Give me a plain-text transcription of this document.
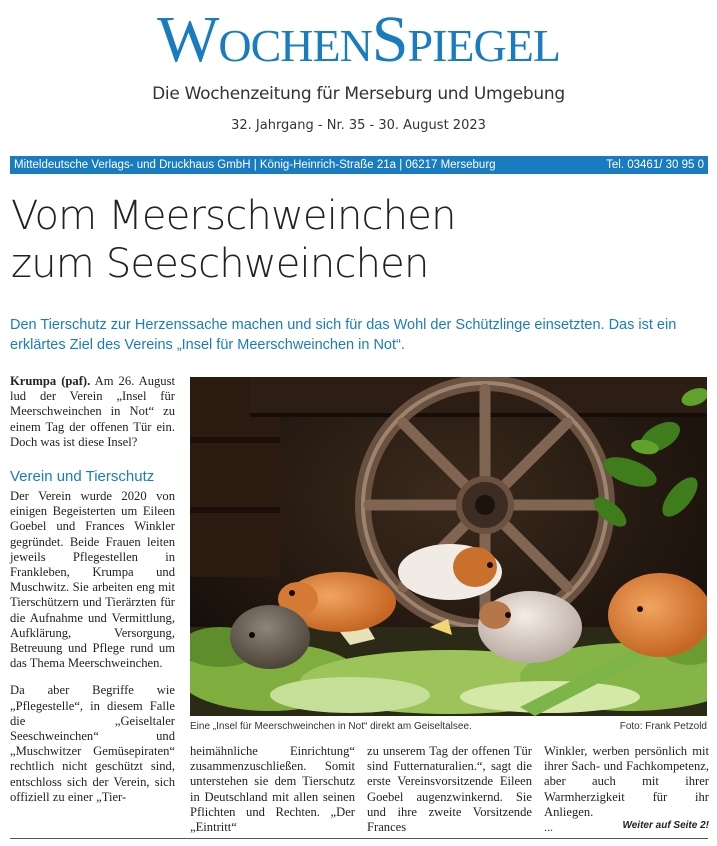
WochenSpiegel
Die Wochenzeitung für Merseburg und Umgebung
32. Jahrgang - Nr. 35 - 30. August 2023
Mitteldeutsche Verlags- und Druckhaus GmbH | König-Heinrich-Straße 21a | 06217 Merseburg	Tel. 03461/ 30 95 0
Vom Meerschweinchen
zum Seeschweinchen
Den Tierschutz zur Herzenssache machen und sich für das Wohl der Schützlinge einsetzten. Das ist ein erklärtes Ziel des Vereins „Insel für Meerschweinchen in Not“.

Krumpa (paf). Am 26. August lud der Verein „Insel für Meerschweinchen in Not“ zu einem Tag der offenen Tür ein. Doch was ist diese Insel?

Verein und Tierschutz

Der Verein wurde 2020 von einigen Begeisterten um Eileen Goebel und Frances Winkler gegründet. Beide Frauen leiten jeweils Pflegestellen in Frankleben, Krumpa und Muschwitz. Sie arbeiten eng mit Tierschützern und Tierärzten für die Aufnahme und Vermittlung, Aufklärung, Versorgung, Betreuung und Pflege rund um das Thema Meerschweinchen.

Da aber Begriffe wie „Pflegestelle“, in diesem Falle die „Geiseltaler Seeschweinchen“ und „Muschwitzer Gemüsepiraten“ rechtlich nicht geschützt sind, entschloss sich der Verein, sich offiziell zu einer „Tier-

Eine „Insel für Meerschweinchen in Not“ direkt am Geiseltalsee.	Foto: Frank Petzold

heimähnliche Einrichtung“ zusammenzuschließen. Somit unterstehen sie dem Tierschutz in Deutschland mit allen seinen Pflichten und Rechten. „Der „Eintritt“

zu unserem Tag der offenen Tür sind Futternaturalien.“, sagt die erste Vereinsvorsitzende Eileen Goebel augenzwinkernd. Sie und ihre zweite Vorsitzende Frances

Winkler, werben persönlich mit ihrer Sach- und Fachkompetenz, aber auch mit ihrer Warmherzigkeit für ihr Anliegen.

...	Weiter auf Seite 2!
